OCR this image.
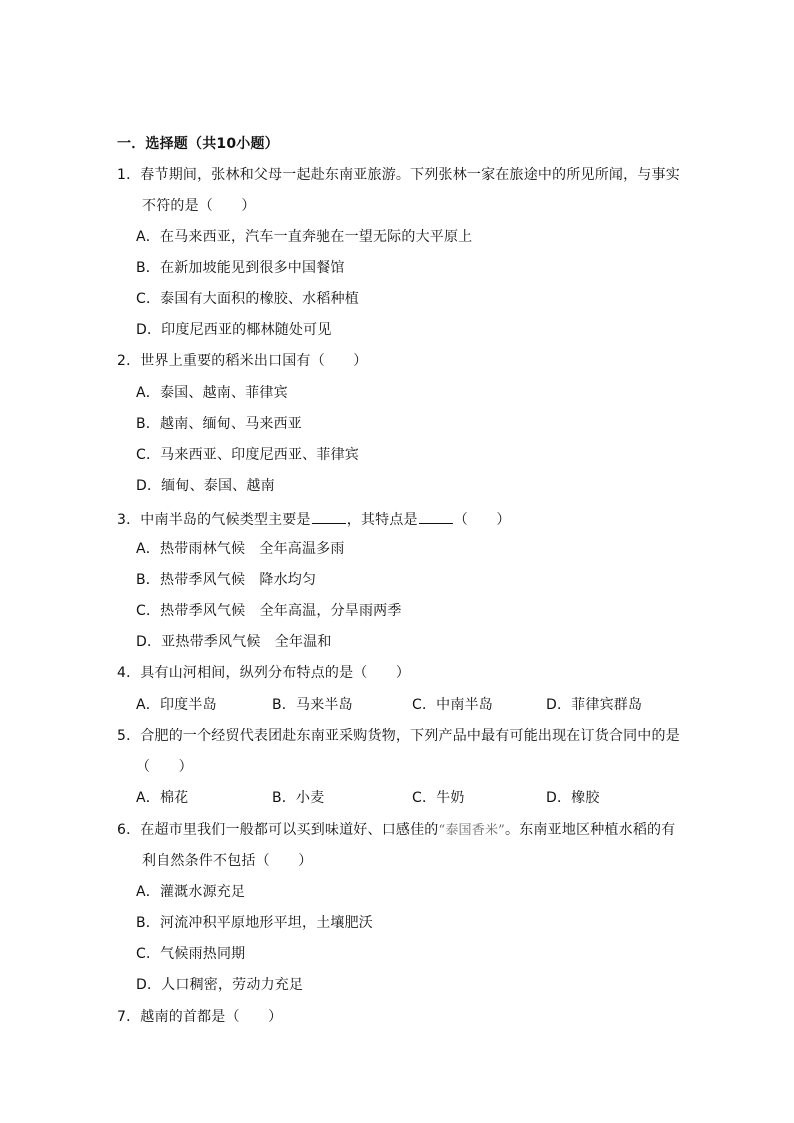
一．选择题（共10小题）
1．春节期间，张林和父母一起赴东南亚旅游。下列张林一家在旅途中的所见所闻，与事实
不符的是（　　）
A．在马来西亚，汽车一直奔驰在一望无际的大平原上
B．在新加坡能见到很多中国餐馆
C．泰国有大面积的橡胶、水稻种植
D．印度尼西亚的椰林随处可见
2．世界上重要的稻米出口国有（　　）
A．泰国、越南、菲律宾
B．越南、缅甸、马来西亚
C．马来西亚、印度尼西亚、菲律宾
D．缅甸、泰国、越南
3．中南半岛的气候类型主要是	，其特点是	（　　）
A．热带雨林气候　全年高温多雨
B．热带季风气候　降水均匀
C．热带季风气候　全年高温，分旱雨两季
D．亚热带季风气候　全年温和
4．具有山河相间，纵列分布特点的是（　　）
A．印度半岛	B．马来半岛	C．中南半岛	D．菲律宾群岛
5．合肥的一个经贸代表团赴东南亚采购货物，下列产品中最有可能出现在订货合同中的是
（　　）
A．棉花	B．小麦	C．牛奶	D．橡胶
6．在超市里我们一般都可以买到味道好、口感佳的“泰国香米”。东南亚地区种植水稻的有
利自然条件不包括（　　）
A．灌溉水源充足
B．河流冲积平原地形平坦，土壤肥沃
C．气候雨热同期
D．人口稠密，劳动力充足
7．越南的首都是（　　）
